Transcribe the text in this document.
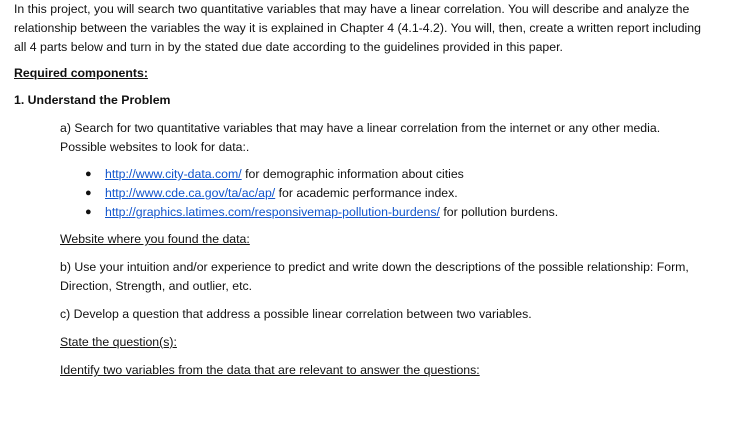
In this project, you will search two quantitative variables that may have a linear correlation. You will describe and analyze the relationship between the variables the way it is explained in Chapter 4 (4.1-4.2). You will, then, create a written report including all 4 parts below and turn in by the stated due date according to the guidelines provided in this paper.

Required components:

1. Understand the Problem

a) Search for two quantitative variables that may have a linear correlation from the internet or any other media. Possible websites to look for data:.

● http://www.city-data.com/ for demographic information about cities
● http://www.cde.ca.gov/ta/ac/ap/ for academic performance index.
● http://graphics.latimes.com/responsivemap-pollution-burdens/ for pollution burdens.

Website where you found the data:

b) Use your intuition and/or experience to predict and write down the descriptions of the possible relationship: Form, Direction, Strength, and outlier, etc.

c) Develop a question that address a possible linear correlation between two variables.

State the question(s):

Identify two variables from the data that are relevant to answer the questions:
